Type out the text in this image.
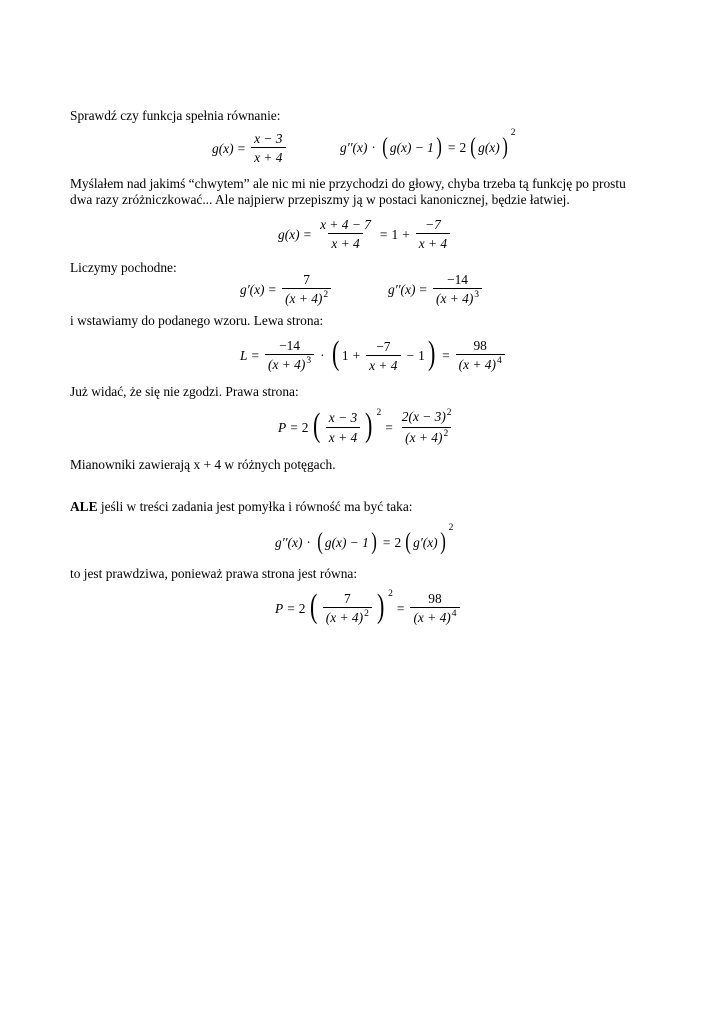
Sprawdź czy funkcja spełnia równanie:
$g(x) = \frac{x - 3}{x + 4}$	g′′(x) · ( g(x) − 1 ) = 2 ( g(x) )
2
Myślałem nad jakimś “chwytem” ale nic mi nie przychodzi do głowy, chyba trzeba tą funkcję po prostu
dwa razy zróżniczkować... Ale najpierw przepiszmy ją w postaci kanonicznej, będzie łatwiej.
$g(x) = \frac{x + 4 - 7}{x + 4} = 1 + \frac{-7}{x + 4}$
Liczymy pochodne:
$g'(x) = \frac{7}{(x + 4)^2}$	$g''(x) = \frac{-14}{(x + 4)^3}$
i wstawiamy do podanego wzoru. Lewa strona:
$L = \frac{-14}{(x + 4)^3}$ · ( $1 + \frac{-7}{x + 4} - 1$ ) = $\frac{98}{(x + 4)^4}$
Już widać, że się nie zgodzi. Prawa strona:
P = 2 ( $\frac{x - 3}{x + 4}$ ) 2
= $\frac{2(x - 3)^2}{(x + 4)^2}$
Mianowniki zawierają x + 4 w różnych potęgach.
ALE jeśli w treści zadania jest pomyłka i równość ma być taka:
g′′(x) · ( g(x) − 1 ) = 2 ( g′(x) )
2
to jest prawdziwa, ponieważ prawa strona jest równa:
P = 2 ( $\frac{7}{(x + 4)^2}$ ) 2
= $\frac{98}{(x + 4)^4}$
